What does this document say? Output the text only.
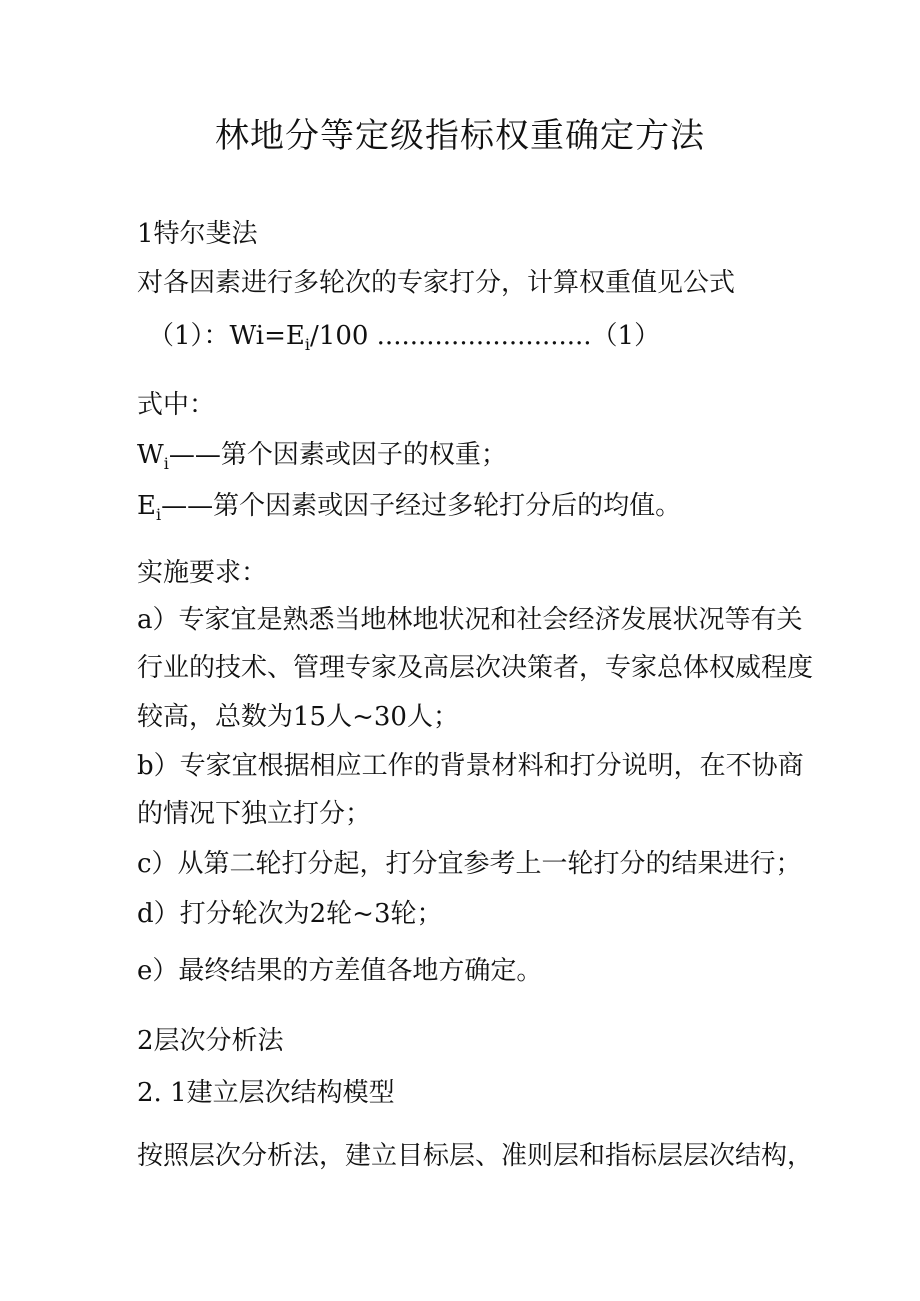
林地分等定级指标权重确定方法
1特尔斐法
对各因素进行多轮次的专家打分，计算权重值见公式
（1）：$Wi=E_i/100$ ..........................（1）
式中：
$W_i——$第个因素或因子的权重；
$E_i——$第个因素或因子经过多轮打分后的均值。
实施要求：
a）专家宜是熟悉当地林地状况和社会经济发展状况等有关
行业的技术、管理专家及高层次决策者，专家总体权威程度
较高，总数为15人~30人；
b）专家宜根据相应工作的背景材料和打分说明，在不协商
的情况下独立打分；
c）从第二轮打分起，打分宜参考上一轮打分的结果进行；
d）打分轮次为2轮~3轮；
e）最终结果的方差值各地方确定。
2层次分析法
2. 1建立层次结构模型
按照层次分析法，建立目标层、准则层和指标层层次结构，
